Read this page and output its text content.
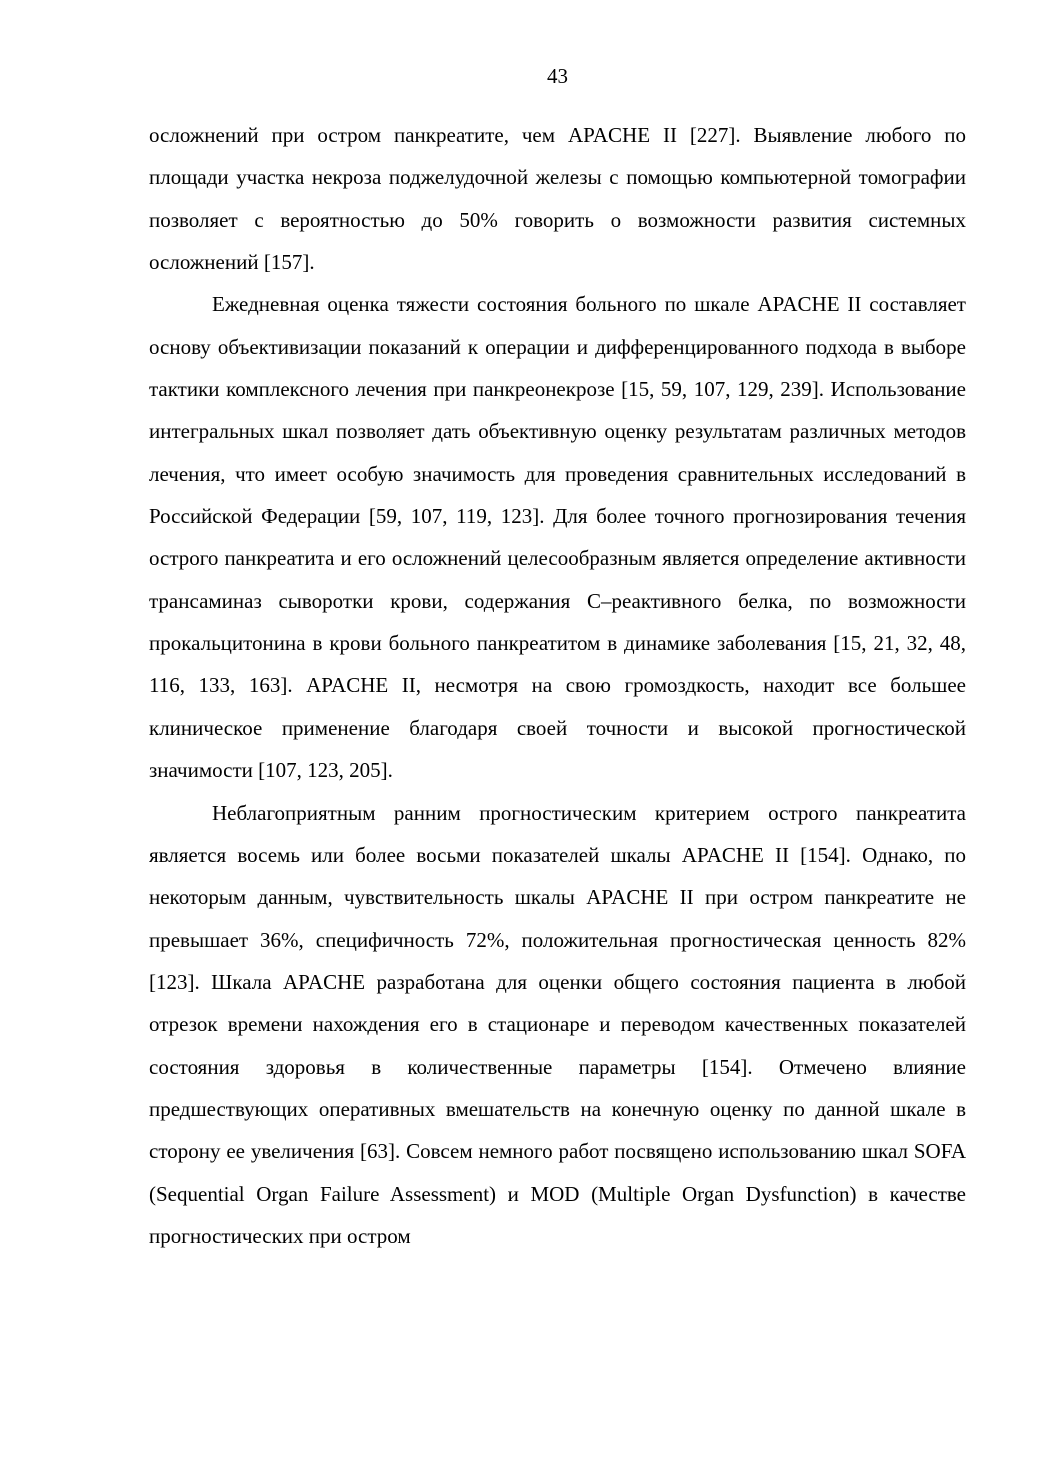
43

осложнений при остром панкреатите, чем APACHE II [227]. Выявление любого по площади участка некроза поджелудочной железы с помощью компьютерной томографии позволяет с вероятностью до 50% говорить о возможности развития системных осложнений [157].

Ежедневная оценка тяжести состояния больного по шкале APACHE II составляет основу объективизации показаний к операции и дифференцированного подхода в выборе тактики комплексного лечения при панкреонекрозе [15, 59, 107, 129, 239]. Использование интегральных шкал позволяет дать объективную оценку результатам различных методов лечения, что имеет особую значимость для проведения сравнительных исследований в Российской Федерации [59, 107, 119, 123]. Для более точного прогнозирования течения острого панкреатита и его осложнений целесообразным является определение активности трансаминаз сыворотки крови, содержания С–реактивного белка, по возможности прокальцитонина в крови больного панкреатитом в динамике заболевания [15, 21, 32, 48, 116, 133, 163]. APACHE II, несмотря на свою громоздкость, находит все большее клиническое применение благодаря своей точности и высокой прогностической значимости [107, 123, 205].

Неблагоприятным ранним прогностическим критерием острого панкреатита является восемь или более восьми показателей шкалы APACHE II [154]. Однако, по некоторым данным, чувствительность шкалы APACHE II при остром панкреатите не превышает 36%, специфичность 72%, положительная прогностическая ценность 82% [123]. Шкала APACHE разработана для оценки общего состояния пациента в любой отрезок времени нахождения его в стационаре и переводом качественных показателей состояния здоровья в количественные параметры [154]. Отмечено влияние предшествующих оперативных вмешательств на конечную оценку по данной шкале в сторону ее увеличения [63]. Совсем немного работ посвящено использованию шкал SOFA (Sequential Organ Failure Assessment) и MOD (Multiple Organ Dysfunction) в качестве прогностических при остром
